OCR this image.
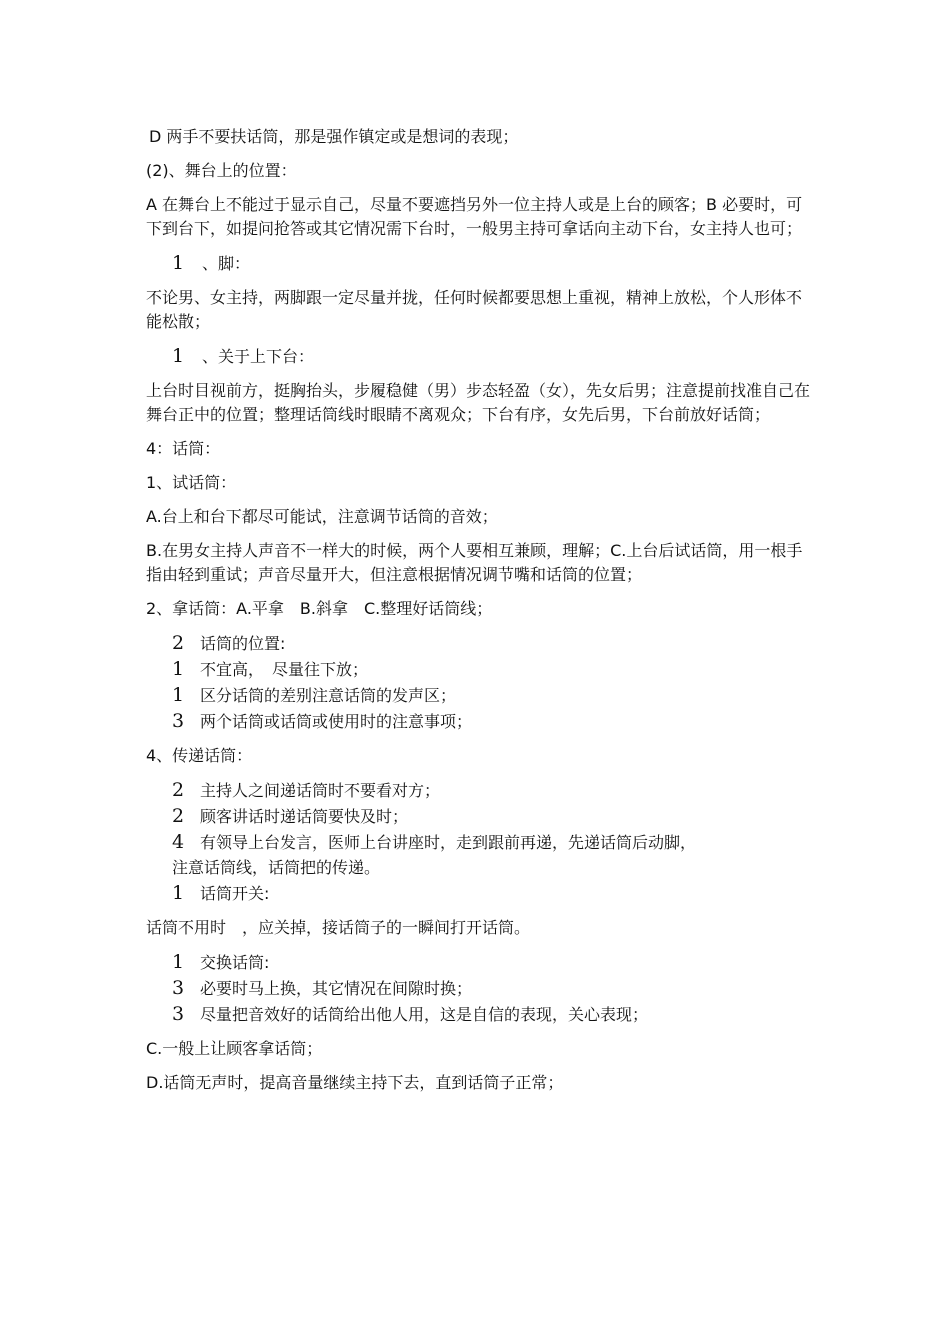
D 两手不要扶话筒，那是强作镇定或是想词的表现；

(2)、舞台上的位置：

A 在舞台上不能过于显示自己，尽量不要遮挡另外一位主持人或是上台的顾客；B 必要时，可下到台下，如提问抢答或其它情况需下台时，一般男主持可拿话向主动下台，女主持人也可；

1	、脚：

不论男、女主持，两脚跟一定尽量并拢，任何时候都要思想上重视，精神上放松，个人形体不能松散；

1	、关于上下台：

上台时目视前方，挺胸抬头，步履稳健（男）步态轻盈（女），先女后男；注意提前找准自己在舞台正中的位置；整理话筒线时眼睛不离观众；下台有序，女先后男，下台前放好话筒；

4：话筒：

1、试话筒：

A.台上和台下都尽可能试，注意调节话筒的音效；

B.在男女主持人声音不一样大的时候，两个人要相互兼顾，理解；C.上台后试话筒，用一根手指由轻到重试；声音尽量开大，但注意根据情况调节嘴和话筒的位置；

2、拿话筒：A.平拿　B.斜拿　C.整理好话筒线；

2 话筒的位置:
1 不宜高，　尽量往下放；
1 区分话筒的差别注意话筒的发声区；
3 两个话筒或话筒或使用时的注意事项；

4、传递话筒：

2 主持人之间递话筒时不要看对方；
2 顾客讲话时递话筒要快及时；
4 有领导上台发言，医师上台讲座时，走到跟前再递，先递话筒后动脚，
注意话筒线，话筒把的传递。
1 话筒开关:

话筒不用时　，应关掉，接话筒子的一瞬间打开话筒。

1 交换话筒:
3 必要时马上换，其它情况在间隙时换；
3 尽量把音效好的话筒给出他人用，这是自信的表现，关心表现；

C.一般上让顾客拿话筒；

D.话筒无声时，提高音量继续主持下去，直到话筒子正常；
